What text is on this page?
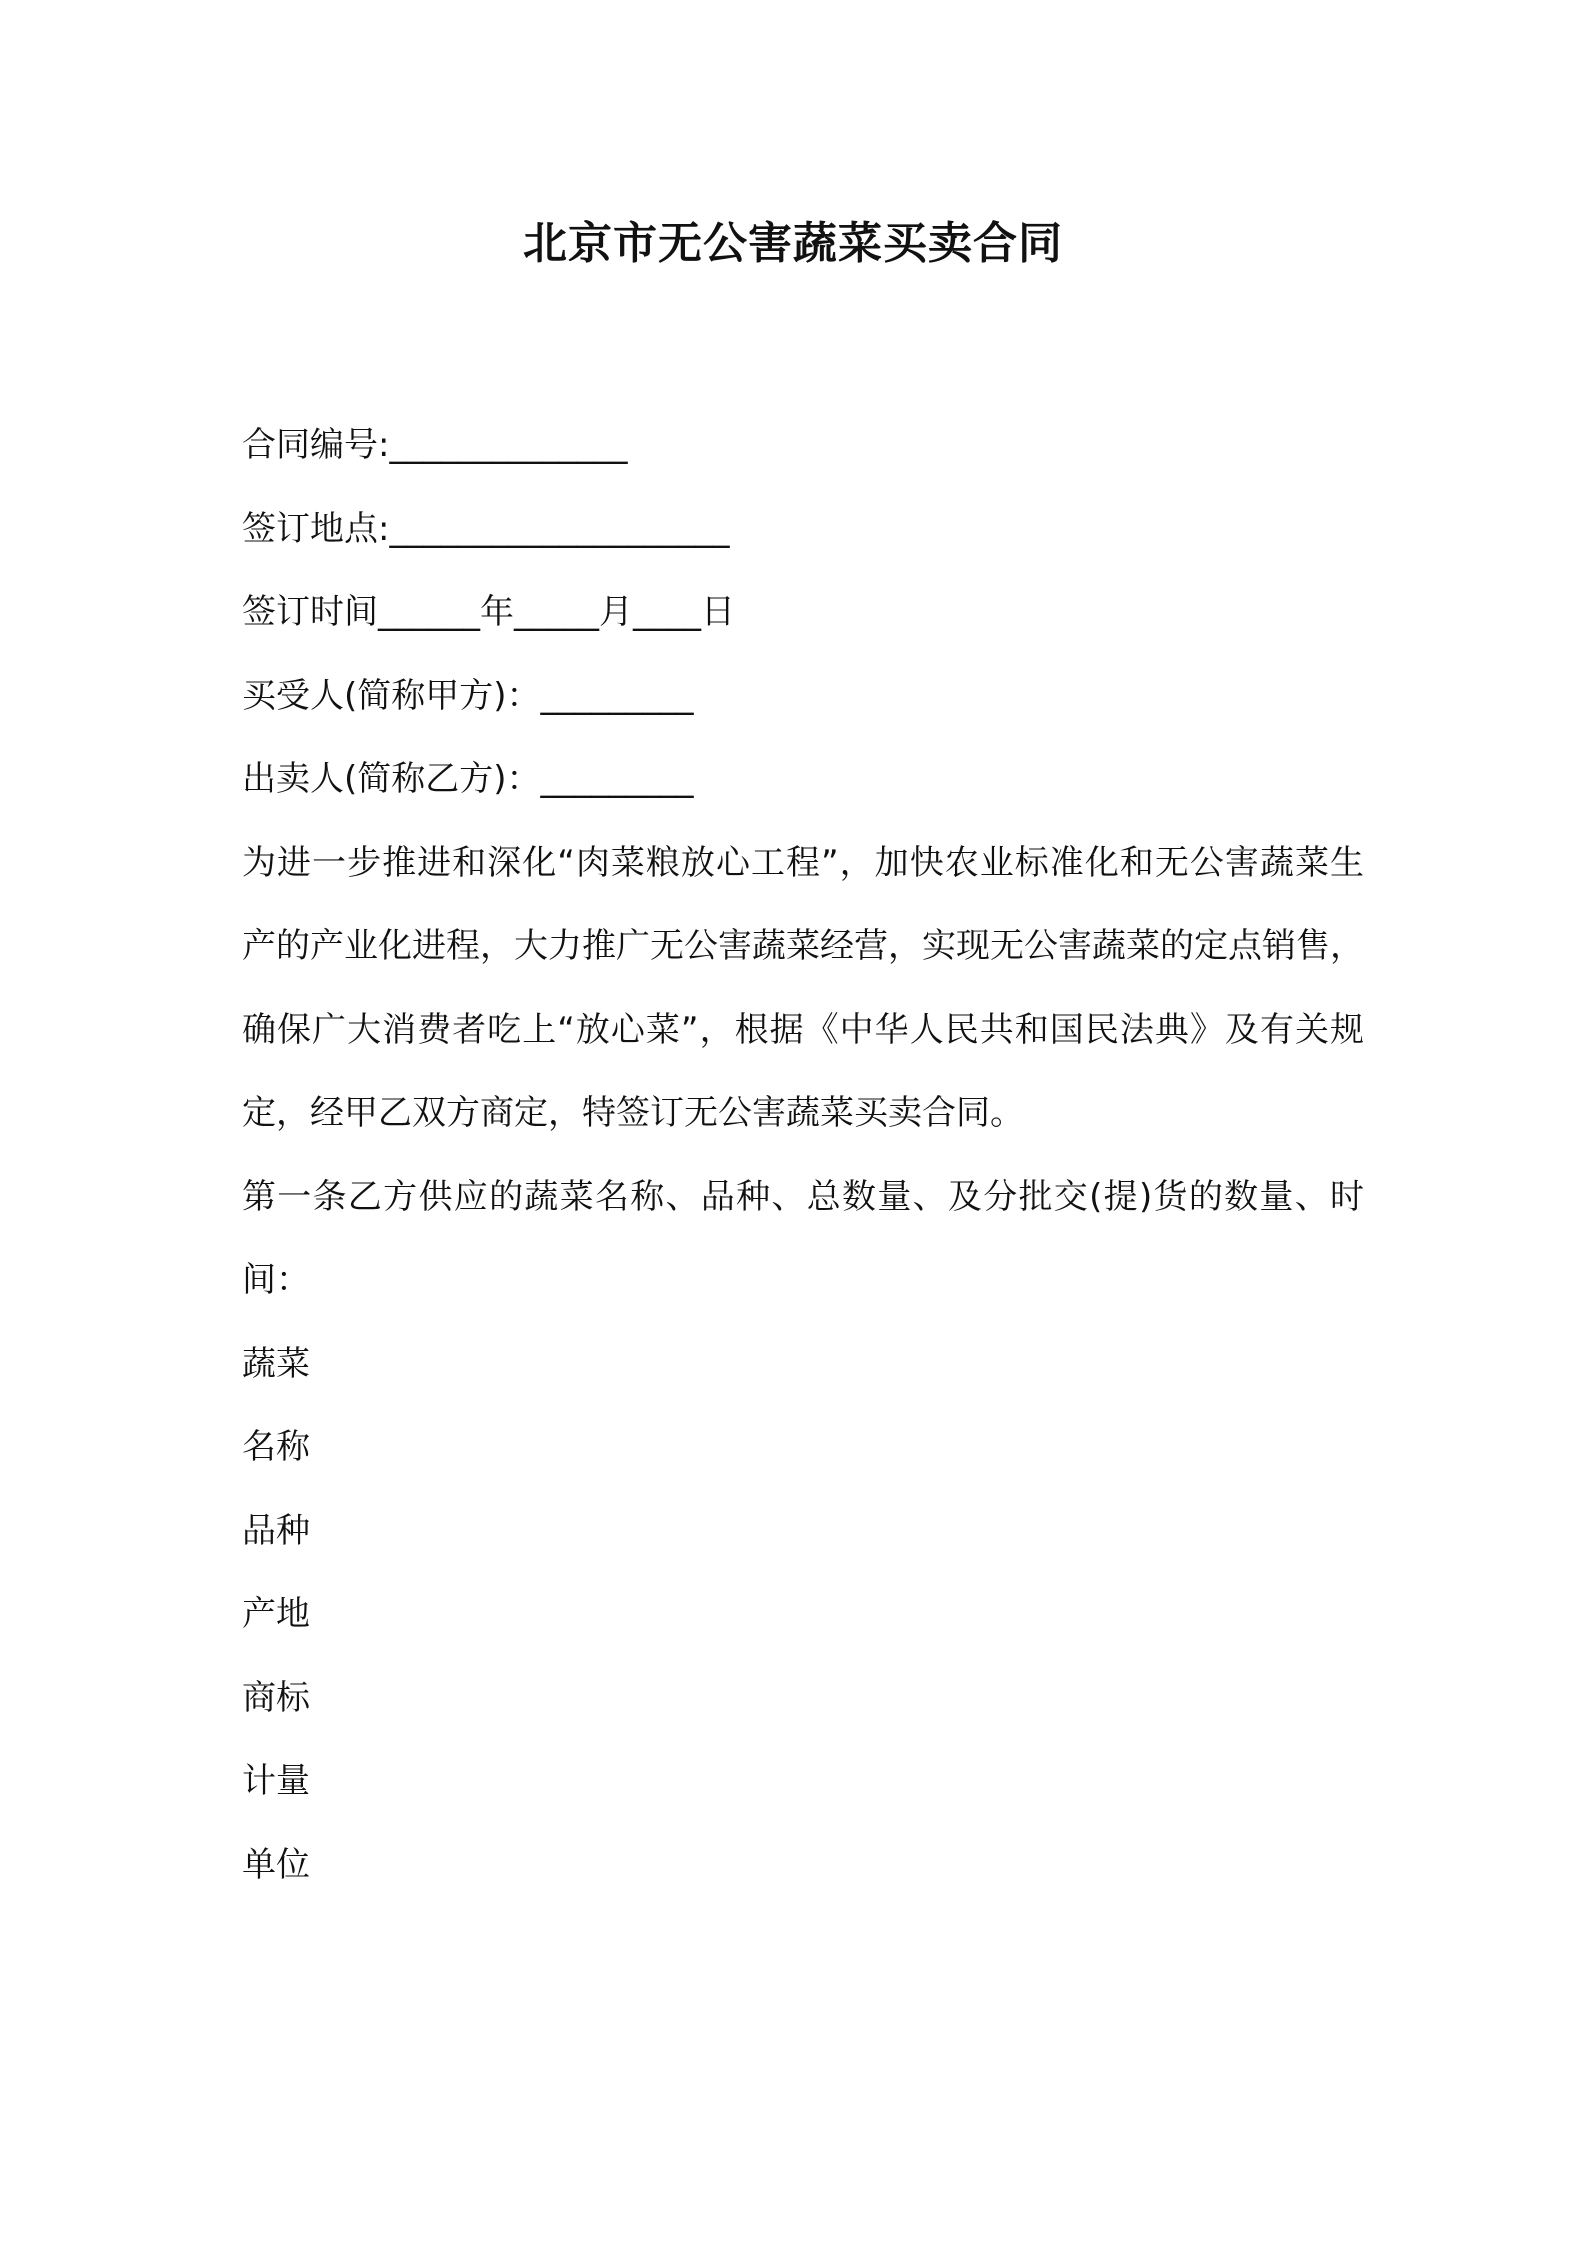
北京市无公害蔬菜买卖合同
合同编号:______________
签订地点:____________________
签订时间______年_____月____日
买受人(简称甲方)：_________
出卖人(简称乙方)：_________

为进一步推进和深化“肉菜粮放心工程”，加快农业标准化和无公害蔬菜生产的产业化进程，大力推广无公害蔬菜经营，实现无公害蔬菜的定点销售，确保广大消费者吃上“放心菜”，根据《中华人民共和国民法典》及有关规定，经甲乙双方商定，特签订无公害蔬菜买卖合同。

第一条乙方供应的蔬菜名称、品种、总数量、及分批交(提)货的数量、时间：

蔬菜
名称
品种
产地
商标
计量
单位
